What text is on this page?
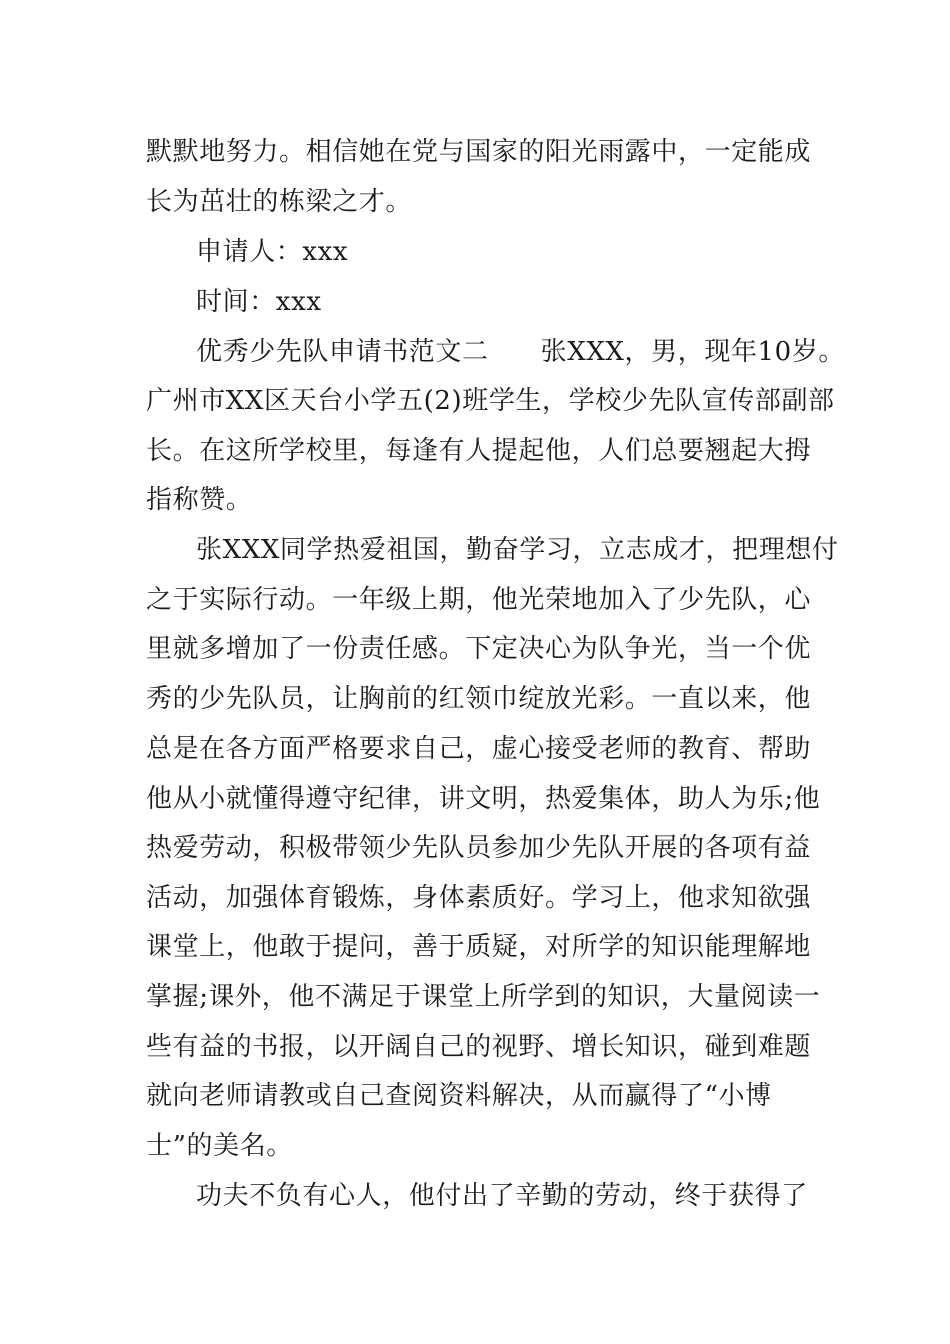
默默地努力。相信她在党与国家的阳光雨露中，一定能成
长为茁壮的栋梁之才。
申请人：xxx
时间：xxx
优秀少先队申请书范文二 张XXX，男，现年10岁。
广州市XX区天台小学五(2)班学生，学校少先队宣传部副部
长。在这所学校里，每逢有人提起他，人们总要翘起大拇
指称赞。
张XXX同学热爱祖国，勤奋学习，立志成才，把理想付
之于实际行动。一年级上期，他光荣地加入了少先队，心
里就多增加了一份责任感。下定决心为队争光，当一个优
秀的少先队员，让胸前的红领巾绽放光彩。一直以来，他
总是在各方面严格要求自己，虚心接受老师的教育、帮助
他从小就懂得遵守纪律，讲文明，热爱集体，助人为乐;他
热爱劳动，积极带领少先队员参加少先队开展的各项有益
活动，加强体育锻炼，身体素质好。学习上，他求知欲强
课堂上，他敢于提问，善于质疑，对所学的知识能理解地
掌握;课外，他不满足于课堂上所学到的知识，大量阅读一
些有益的书报，以开阔自己的视野、增长知识，碰到难题
就向老师请教或自己查阅资料解决，从而赢得了“小博
士”的美名。
功夫不负有心人，他付出了辛勤的劳动，终于获得了
